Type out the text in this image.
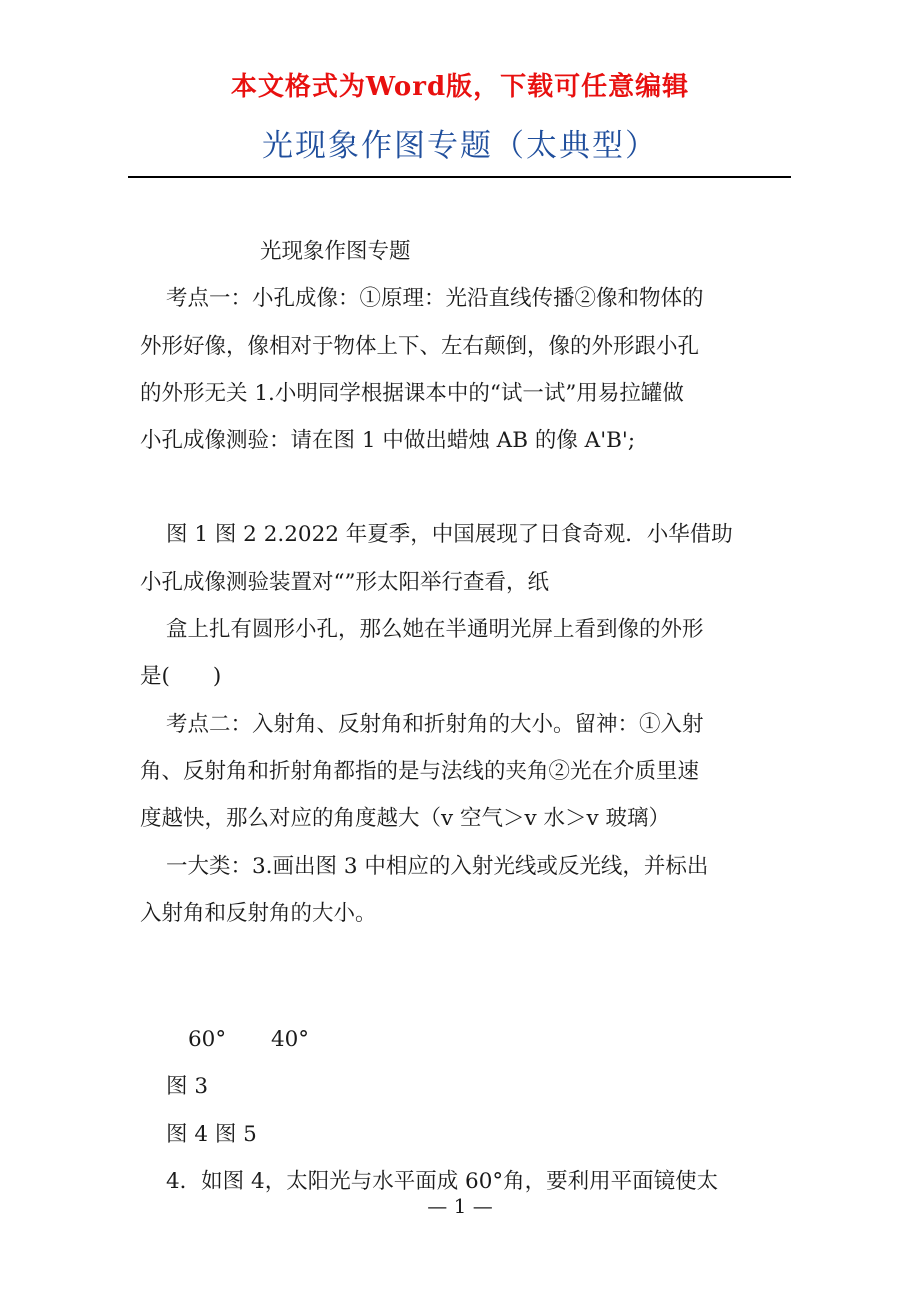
本文格式为Word版，下载可任意编辑
光现象作图专题（太典型）

光现象作图专题

考点一：小孔成像：①原理：光沿直线传播②像和物体的

外形好像，像相对于物体上下、左右颠倒，像的外形跟小孔

的外形无关 1.小明同学根据课本中的“试一试”用易拉罐做

小孔成像测验：请在图 1 中做出蜡烛 AB 的像 A'B';

图 1 图 2 2.2022 年夏季，中国展现了日食奇观．小华借助

小孔成像测验装置对“”形太阳举行查看，纸

盒上扎有圆形小孔，那么她在半通明光屏上看到像的外形

是(　　)

考点二：入射角、反射角和折射角的大小。留神：①入射

角、反射角和折射角都指的是与法线的夹角②光在介质里速

度越快，那么对应的角度越大（v 空气＞v 水＞v 玻璃）

一大类：3.画出图 3 中相应的入射光线或反光线，并标出

入射角和反射角的大小。

60° 40°

图 3

图 4 图 5

4．如图 4，太阳光与水平面成 60°角，要利用平面镜使太

— 1 —
